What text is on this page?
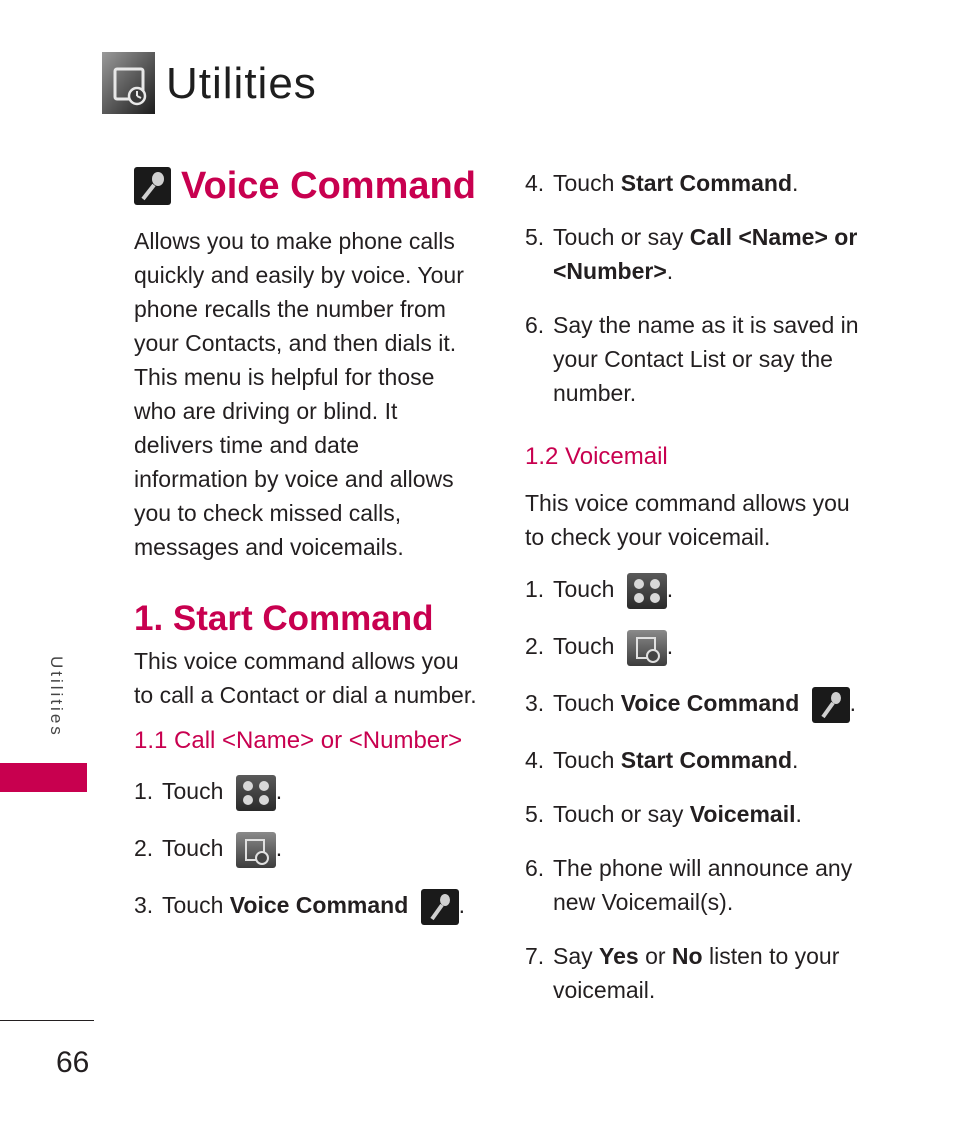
Utilities
Utilities
66
Voice Command

Allows you to make phone calls quickly and easily by voice. Your phone recalls the number from your Contacts, and then dials it. This menu is helpful for those who are driving or blind. It delivers time and date information by voice and allows you to check missed calls, messages and voicemails.

1. Start Command

This voice command allows you to call a Contact or dial a number.

1.1 Call <Name> or <Number>
1. Touch .
2. Touch .
3. Touch Voice Command .
4. Touch Start Command.
5. Touch or say Call <Name> or <Number>.
6. Say the name as it is saved in your Contact List or say the number.
1.2 Voicemail

This voice command allows you to check your voicemail.

1. Touch .
2. Touch .
3. Touch Voice Command .
4. Touch Start Command.
5. Touch or say Voicemail.
6. The phone will announce any new Voicemail(s).
7. Say Yes or No listen to your voicemail.
